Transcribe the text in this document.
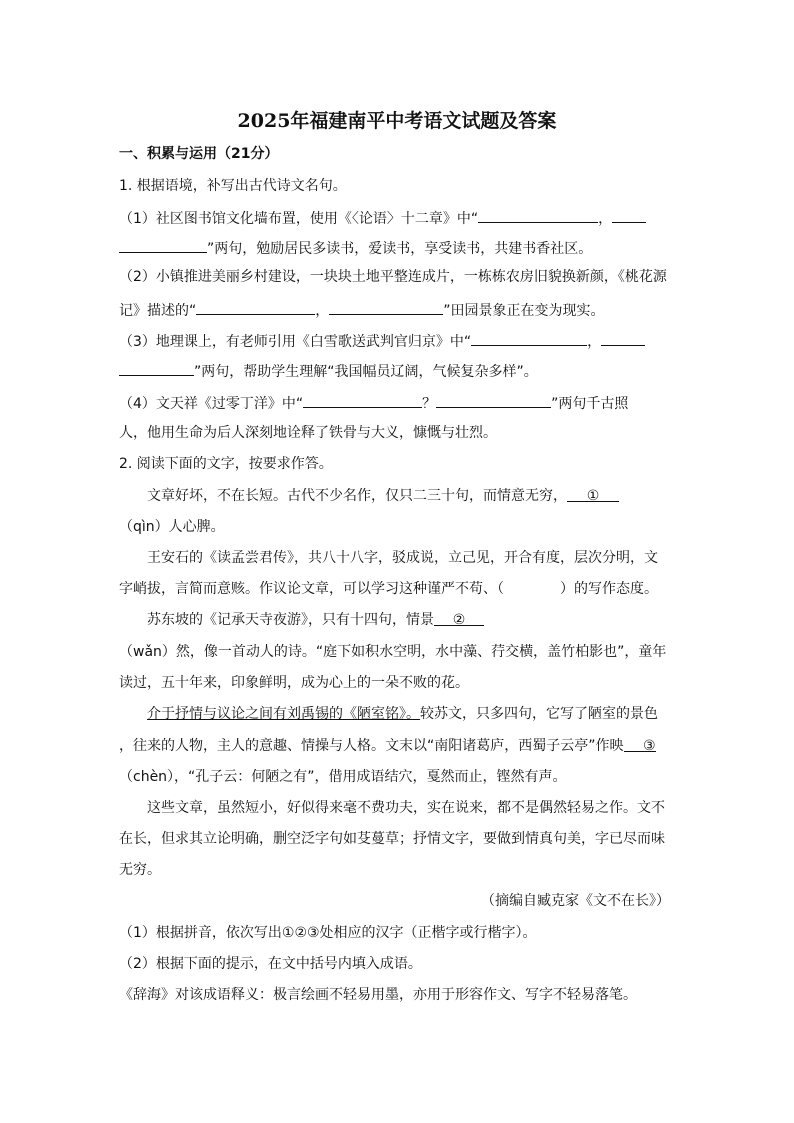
2025年福建南平中考语文试题及答案
一、积累与运用（21分）
1. 根据语境，补写出古代诗文名句。
（1）社区图书馆文化墙布置，使用《〈论语〉十二章》中“	，
”两句，勉励居民多读书，爱读书，享受读书，共建书香社区。
（2）小镇推进美丽乡村建设，一块块土地平整连成片，一栋栋农房旧貌换新颜，《桃花源
记》描述的“	，	”田园景象正在变为现实。
（3）地理课上，有老师引用《白雪歌送武判官归京》中“	，
”两句，帮助学生理解“我国幅员辽阔，气候复杂多样”。
（4）文天祥《过零丁洋》中“	？	”两句千古照
人，他用生命为后人深刻地诠释了铁骨与大义，慷慨与壮烈。
2. 阅读下面的文字，按要求作答。
文章好坏，不在长短。古代不少名作，仅只二三十句，而情意无穷， ①
（qìn）人心脾。
王安石的《读孟尝君传》，共八十八字，驳成说，立己见，开合有度，层次分明，文
字峭拔，言简而意赅。作议论文章，可以学习这种谨严不苟、（	）的写作态度。
苏东坡的《记承天寺夜游》，只有十四句，情景 ②
（wǎn）然，像一首动人的诗。“庭下如积水空明，水中藻、荇交横，盖竹柏影也”，童年
读过，五十年来，印象鲜明，成为心上的一朵不败的花。
介于抒情与议论之间有刘禹锡的《陋室铭》。较苏文，只多四句，它写了陋室的景色
，往来的人物，主人的意趣、情操与人格。文末以“南阳诸葛庐，西蜀子云亭”作映 ③
（chèn），“孔子云：何陋之有”，借用成语结穴，戛然而止，铿然有声。
这些文章，虽然短小，好似得来毫不费功夫，实在说来，都不是偶然轻易之作。文不
在长，但求其立论明确，删空泛字句如芟蔓草；抒情文字，要做到情真句美，字已尽而味
无穷。
（摘编自臧克家《文不在长》）
（1）根据拼音，依次写出①②③处相应的汉字（正楷字或行楷字）。
（2）根据下面的提示，在文中括号内填入成语。
《辞海》对该成语释义：极言绘画不轻易用墨，亦用于形容作文、写字不轻易落笔。
